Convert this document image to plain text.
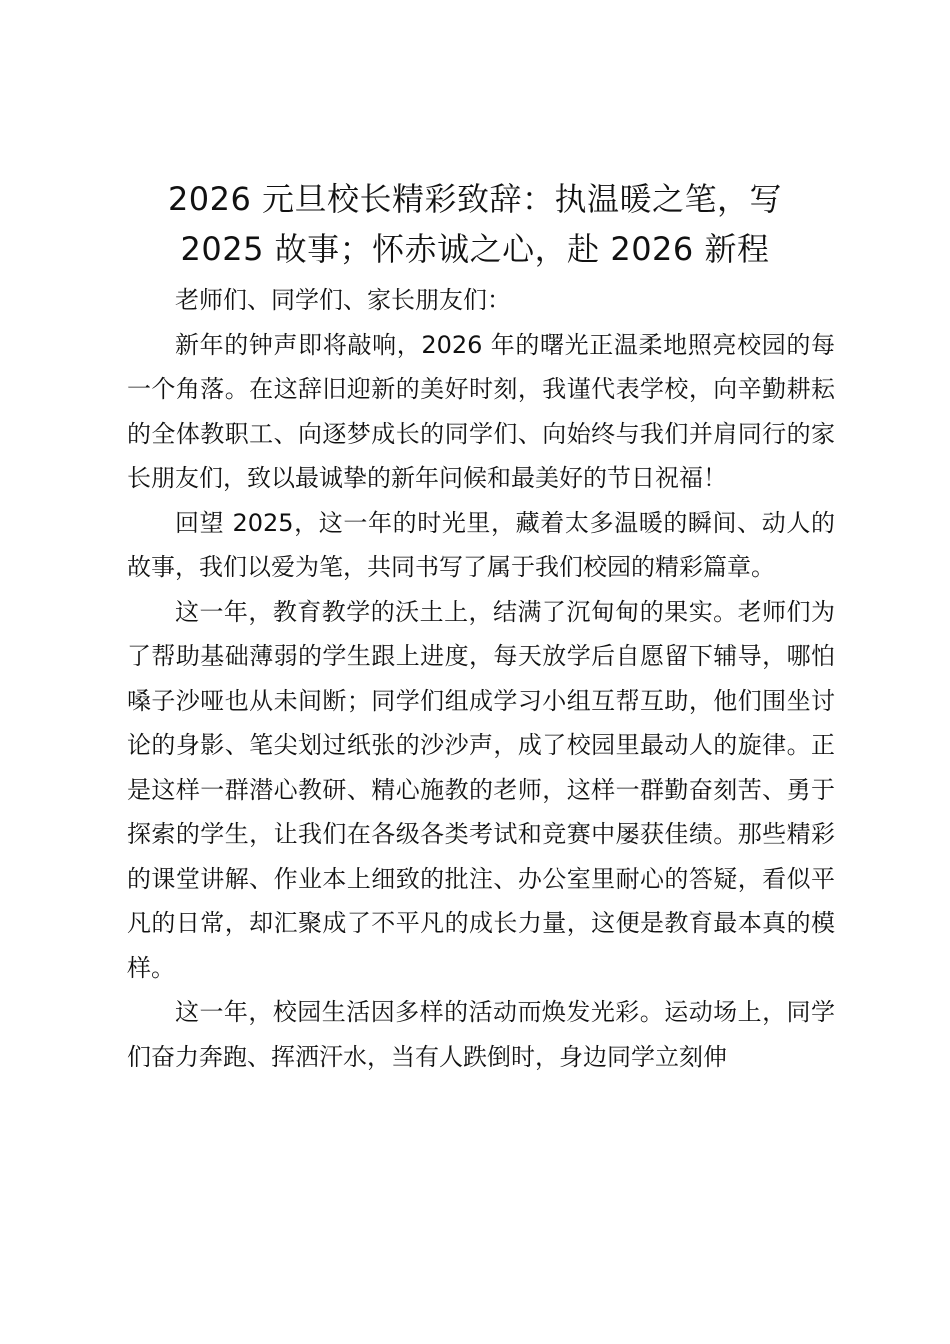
2026 元旦校长精彩致辞：执温暖之笔，写
2025 故事；怀赤诚之心，赴 2026 新程

老师们、同学们、家长朋友们：

新年的钟声即将敲响，2026 年的曙光正温柔地照亮校园的每一个角落。在这辞旧迎新的美好时刻，我谨代表学校，向辛勤耕耘的全体教职工、向逐梦成长的同学们、向始终与我们并肩同行的家长朋友们，致以最诚挚的新年问候和最美好的节日祝福！

回望 2025，这一年的时光里，藏着太多温暖的瞬间、动人的故事，我们以爱为笔，共同书写了属于我们校园的精彩篇章。

这一年，教育教学的沃土上，结满了沉甸甸的果实。老师们为了帮助基础薄弱的学生跟上进度，每天放学后自愿留下辅导，哪怕嗓子沙哑也从未间断；同学们组成学习小组互帮互助，他们围坐讨论的身影、笔尖划过纸张的沙沙声，成了校园里最动人的旋律。正是这样一群潜心教研、精心施教的老师，这样一群勤奋刻苦、勇于探索的学生，让我们在各级各类考试和竞赛中屡获佳绩。那些精彩的课堂讲解、作业本上细致的批注、办公室里耐心的答疑，看似平凡的日常，却汇聚成了不平凡的成长力量，这便是教育最本真的模样。

这一年，校园生活因多样的活动而焕发光彩。运动场上，同学们奋力奔跑、挥洒汗水，当有人跌倒时，身边同学立刻伸
